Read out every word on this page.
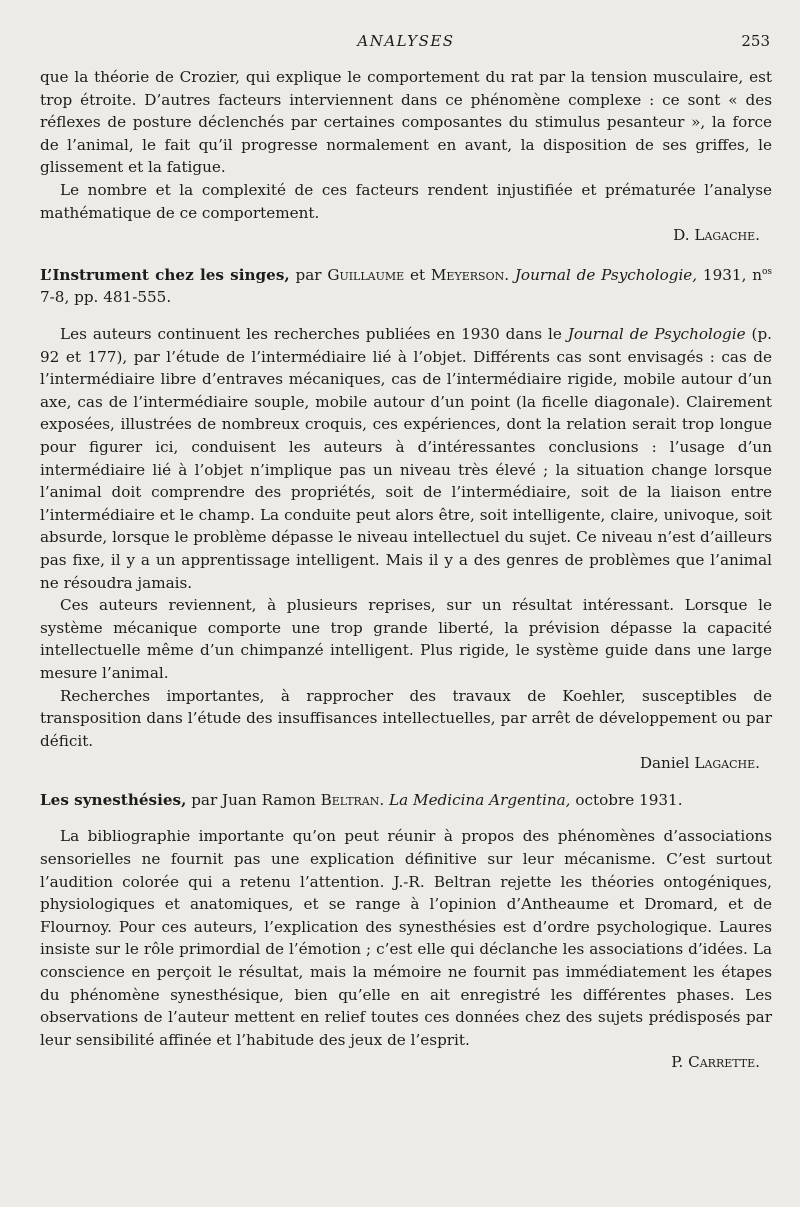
ANALYSES	253

que la théorie de Crozier, qui explique le comportement du rat par la tension musculaire, est trop étroite. D’autres facteurs interviennent dans ce phénomène complexe : ce sont « des réflexes de posture déclenchés par certaines composantes du stimulus pesanteur », la force de l’animal, le fait qu’il progresse normalement en avant, la disposition de ses griffes, le glissement et la fatigue.

Le nombre et la complexité de ces facteurs rendent injustifiée et prématurée l’analyse mathématique de ce comportement.

D. Lagache.

L’Instrument chez les singes, par Guillaume et Meyerson. Journal de Psychologie, 1931, $n^{os}$ 7-8, pp. 481-555.

Les auteurs continuent les recherches publiées en 1930 dans le Journal de Psychologie (p. 92 et 177), par l’étude de l’intermédiaire lié à l’objet. Différents cas sont envisagés : cas de l’intermédiaire libre d’entraves mécaniques, cas de l’intermédiaire rigide, mobile autour d’un axe, cas de l’intermédiaire souple, mobile autour d’un point (la ficelle diagonale). Clairement exposées, illustrées de nombreux croquis, ces expériences, dont la relation serait trop longue pour figurer ici, conduisent les auteurs à d’intéressantes conclusions : l’usage d’un intermédiaire lié à l’objet n’implique pas un niveau très élevé ; la situation change lorsque l’animal doit comprendre des propriétés, soit de l’intermédiaire, soit de la liaison entre l’intermédiaire et le champ. La conduite peut alors être, soit intelligente, claire, univoque, soit absurde, lorsque le problème dépasse le niveau intellectuel du sujet. Ce niveau n’est d’ailleurs pas fixe, il y a un apprentissage intelligent. Mais il y a des genres de problèmes que l’animal ne résoudra jamais.

Ces auteurs reviennent, à plusieurs reprises, sur un résultat intéressant. Lorsque le système mécanique comporte une trop grande liberté, la prévision dépasse la capacité intellectuelle même d’un chimpanzé intelligent. Plus rigide, le système guide dans une large mesure l’animal.

Recherches importantes, à rapprocher des travaux de Koehler, susceptibles de transposition dans l’étude des insuffisances intellectuelles, par arrêt de développement ou par déficit.

Daniel Lagache.

Les synesthésies, par Juan Ramon Beltran. La Medicina Argentina, octobre 1931.

La bibliographie importante qu’on peut réunir à propos des phénomènes d’associations sensorielles ne fournit pas une explication définitive sur leur mécanisme. C’est surtout l’audition colorée qui a retenu l’attention. J.-R. Beltran rejette les théories ontogéniques, physiologiques et anatomiques, et se range à l’opinion d’Antheaume et Dromard, et de Flournoy. Pour ces auteurs, l’explication des synesthésies est d’ordre psychologique. Laures insiste sur le rôle primordial de l’émotion ; c’est elle qui déclanche les associations d’idées. La conscience en perçoit le résultat, mais la mémoire ne fournit pas immédiatement les étapes du phénomène synesthésique, bien qu’elle en ait enregistré les différentes phases. Les observations de l’auteur mettent en relief toutes ces données chez des sujets prédisposés par leur sensibilité affinée et l’habitude des jeux de l’esprit.

P. Carrette.
